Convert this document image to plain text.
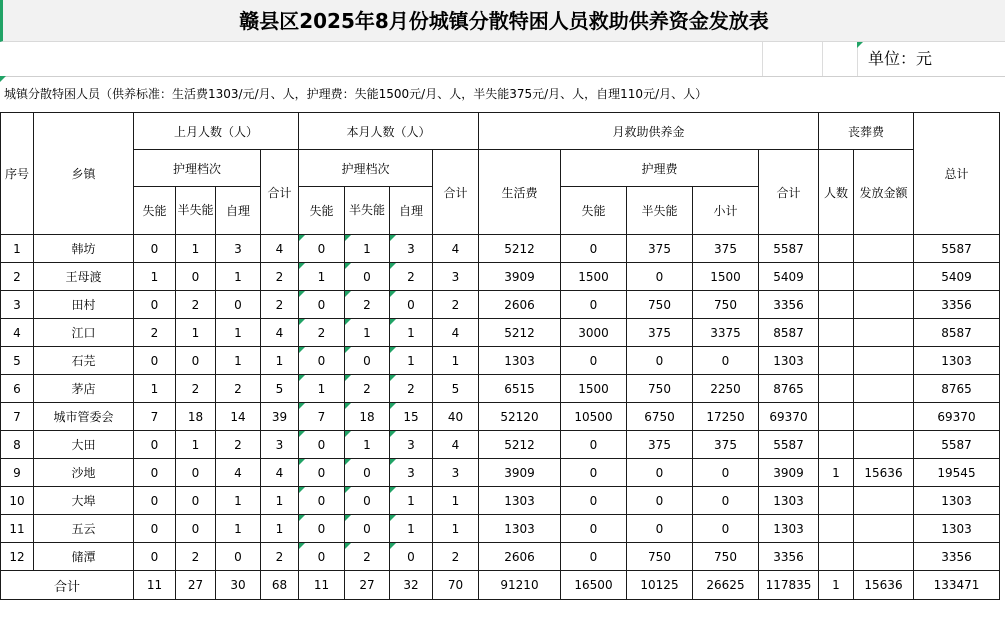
赣县区2025年8月份城镇分散特困人员救助供养资金发放表
单位：元
城镇分散特困人员（供养标准：生活费1303/元/月、人，护理费：失能1500元/月、人，半失能375元/月、人，自理110元/月、人）
序号	乡镇	上月人数（人）				本月人数（人）				月救助供养金					丧葬费		总计
		护理档次			合计	护理档次			合计	生活费	护理费			合计	人数	发放金额	
		失能	半失能	自理		失能	半失能	自理			失能	半失能	小计				
1	韩坊	0	1	3	4	0	1	3	4	5212	0	375	375	5587			5587
2	王母渡	1	0	1	2	1	0	2	3	3909	1500	0	1500	5409			5409
3	田村	0	2	0	2	0	2	0	2	2606	0	750	750	3356			3356
4	江口	2	1	1	4	2	1	1	4	5212	3000	375	3375	8587			8587
5	石芫	0	0	1	1	0	0	1	1	1303	0	0	0	1303			1303
6	茅店	1	2	2	5	1	2	2	5	6515	1500	750	2250	8765			8765
7	城市管委会	7	18	14	39	7	18	15	40	52120	10500	6750	17250	69370			69370
8	大田	0	1	2	3	0	1	3	4	5212	0	375	375	5587			5587
9	沙地	0	0	4	4	0	0	3	3	3909	0	0	0	3909	1	15636	19545
10	大埠	0	0	1	1	0	0	1	1	1303	0	0	0	1303			1303
11	五云	0	0	1	1	0	0	1	1	1303	0	0	0	1303			1303
12	储潭	0	2	0	2	0	2	0	2	2606	0	750	750	3356			3356
合计		11	27	30	68	11	27	32	70	91210	16500	10125	26625	117835	1	15636	133471
